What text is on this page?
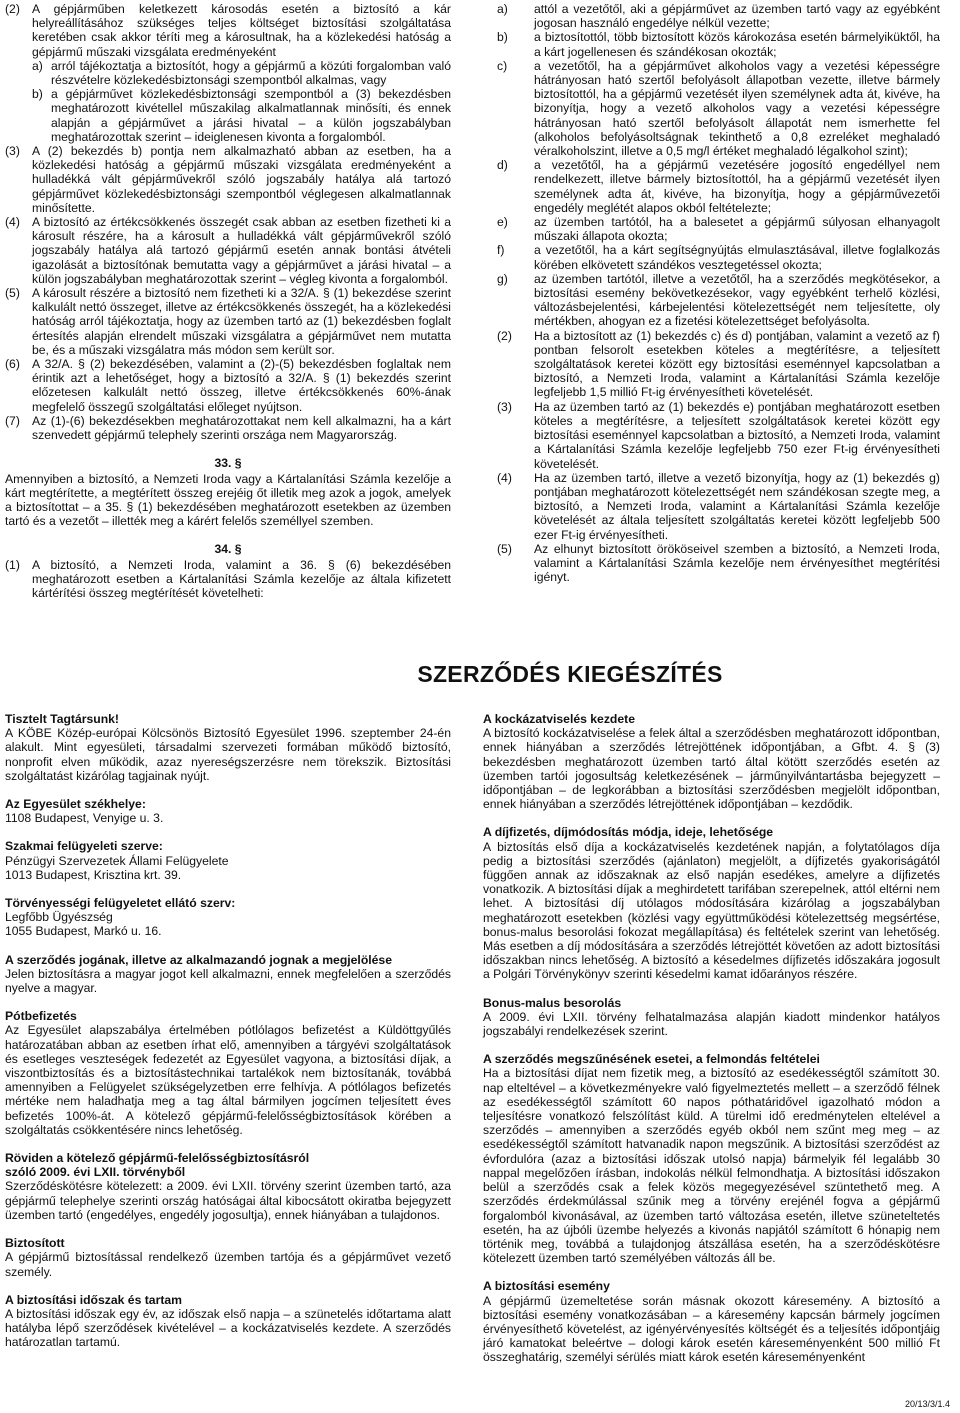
(2) A gépjárműben keletkezett károsodás esetén a biztosító a kár helyreállításához szükséges teljes költséget biztosítási szolgáltatása keretében csak akkor téríti meg a károsultnak, ha a közlekedési hatóság a gépjármű műszaki vizsgálata eredményeként
a) arról tájékoztatja a biztosítót, hogy a gépjármű a közúti forgalomban való részvételre közlekedésbiztonsági szempontból alkalmas, vagy
b) a gépjárművet közlekedésbiztonsági szempontból a (3) bekezdésben meghatározott kivétellel műszakilag alkalmatlannak minősíti, és ennek alapján a gépjárművet a járási hivatal – a külön jogszabályban meghatározottak szerint – ideiglenesen kivonta a forgalomból.
(3) A (2) bekezdés b) pontja nem alkalmazható abban az esetben, ha a közlekedési hatóság a gépjármű műszaki vizsgálata eredményeként a hulladékká vált gépjárművekről szóló jogszabály hatálya alá tartozó gépjárművet közlekedésbiztonsági szempontból véglegesen alkalmatlannak minősítette.
(4) A biztosító az értékcsökkenés összegét csak abban az esetben fizetheti ki a károsult részére, ha a károsult a hulladékká vált gépjárművekről szóló jogszabály hatálya alá tartozó gépjármű esetén annak bontási átvételi igazolását a biztosítónak bemutatta vagy a gépjárművet a járási hivatal – a külön jogszabályban meghatározottak szerint – végleg kivonta a forgalomból.
(5) A károsult részére a biztosító nem fizetheti ki a 32/A. § (1) bekezdése szerint kalkulált nettó összeget, illetve az értékcsökkenés összegét, ha a közlekedési hatóság arról tájékoztatja, hogy az üzemben tartó az (1) bekezdésben foglalt értesítés alapján elrendelt műszaki vizsgálatra a gépjárművet nem mutatta be, és a műszaki vizsgálatra más módon sem került sor.
(6) A 32/A. § (2) bekezdésében, valamint a (2)-(5) bekezdésben foglaltak nem érintik azt a lehetőséget, hogy a biztosító a 32/A. § (1) bekezdés szerint előzetesen kalkulált nettó összeg, illetve értékcsökkenés 60%-ának megfelelő összegű szolgáltatási előleget nyújtson.
(7) Az (1)-(6) bekezdésekben meghatározottakat nem kell alkalmazni, ha a kárt szenvedett gépjármű telephely szerinti országa nem Magyarország.
33. §

Amennyiben a biztosító, a Nemzeti Iroda vagy a Kártalanítási Számla kezelője a kárt megtérítette, a megtérített összeg erejéig őt illetik meg azok a jogok, amelyek a biztosítottat – a 35. § (1) bekezdésében meghatározott esetekben az üzemben tartó és a vezetőt – illették meg a kárért felelős személlyel szemben.

34. §
(1) A biztosító, a Nemzeti Iroda, valamint a 36. § (6) bekezdésében meghatározott esetben a Kártalanítási Számla kezelője az általa kifizetett kártérítési összeg megtérítését követelheti:
a)	attól a vezetőtől, aki a gépjárművet az üzemben tartó vagy az egyébként jogosan használó engedélye nélkül vezette;
b)	a biztosítottól, több biztosított közös károkozása esetén bármelyiküktől, ha a kárt jogellenesen és szándékosan okozták;
c)	a vezetőtől, ha a gépjárművet alkoholos vagy a vezetési képességre hátrányosan ható szertől befolyásolt állapotban vezette, illetve bármely biztosítottól, ha a gépjármű vezetését ilyen személynek adta át, kivéve, ha bizonyítja, hogy a vezető alkoholos vagy a vezetési képességre hátrányosan ható szertől befolyásolt állapotát nem ismerhette fel (alkoholos befolyásoltságnak tekinthető a 0,8 ezreléket meghaladó véralkoholszint, illetve a 0,5 mg/l értéket meghaladó légalkohol szint);
d)	a vezetőtől, ha a gépjármű vezetésére jogosító engedéllyel nem rendelkezett, illetve bármely biztosítottól, ha a gépjármű vezetését ilyen személynek adta át, kivéve, ha bizonyítja, hogy a gépjárművezetői engedély meglétét alapos okból feltételezte;
e)	az üzemben tartótól, ha a balesetet a gépjármű súlyosan elhanyagolt műszaki állapota okozta;
f)	a vezetőtől, ha a kárt segítségnyújtás elmulasztásával, illetve foglalkozás körében elkövetett szándékos vesztegetéssel okozta;
g)	az üzemben tartótól, illetve a vezetőtől, ha a szerződés megkötésekor, a biztosítási esemény bekövetkezésekor, vagy egyébként terhelő közlési, változásbejelentési, kárbejelentési kötelezettségét nem teljesítette, oly mértékben, ahogyan ez a fizetési kötelezettséget befolyásolta.
(2)	Ha a biztosított az (1) bekezdés c) és d) pontjában, valamint a vezető az f) pontban felsorolt esetekben köteles a megtérítésre, a teljesített szolgáltatások keretei között egy biztosítási eseménnyel kapcsolatban a biztosító, a Nemzeti Iroda, valamint a Kártalanítási Számla kezelője legfeljebb 1,5 millió Ft-ig érvényesítheti követelését.
(3)	Ha az üzemben tartó az (1) bekezdés e) pontjában meghatározott esetben köteles a megtérítésre, a teljesített szolgáltatások keretei között egy biztosítási eseménnyel kapcsolatban a biztosító, a Nemzeti Iroda, valamint a Kártalanítási Számla kezelője legfeljebb 750 ezer Ft-ig érvényesítheti követelését.
(4)	Ha az üzemben tartó, illetve a vezető bizonyítja, hogy az (1) bekezdés g) pontjában meghatározott kötelezettségét nem szándékosan szegte meg, a biztosító, a Nemzeti Iroda, valamint a Kártalanítási Számla kezelője követelését az általa teljesített szolgáltatás keretei között legfeljebb 500 ezer Ft-ig érvényesítheti.
(5)	Az elhunyt biztosított örököseivel szemben a biztosító, a Nemzeti Iroda, valamint a Kártalanítási Számla kezelője nem érvényesíthet megtérítési igényt.
SZERZŐDÉS KIEGÉSZÍTÉS

Tisztelt Tagtársunk!

A KÖBE Közép-európai Kölcsönös Biztosító Egyesület 1996. szeptember 24-én alakult. Mint egyesületi, társadalmi szervezeti formában működő biztosító, nonprofit elven működik, azaz nyereségszerzésre nem törekszik. Biztosítási szolgáltatást kizárólag tagjainak nyújt.

Az Egyesület székhelye:

1108 Budapest, Venyige u. 3.

Szakmai felügyeleti szerve:

Pénzügyi Szervezetek Állami Felügyelete

1013 Budapest, Krisztina krt. 39.

Törvényességi felügyeletet ellátó szerv:

Legfőbb Ügyészség

1055 Budapest, Markó u. 16.

A szerződés jogának, illetve az alkalmazandó jognak a megjelölése

Jelen biztosításra a magyar jogot kell alkalmazni, ennek megfelelően a szerződés nyelve a magyar.

Pótbefizetés

Az Egyesület alapszabálya értelmében pótlólagos befizetést a Küldöttgyűlés határozatában abban az esetben írhat elő, amennyiben a tárgyévi szolgáltatások és esetleges veszteségek fedezetét az Egyesület vagyona, a biztosítási díjak, a viszontbiztosítás és a biztosítástechnikai tartalékok nem biztosítanák, továbbá amennyiben a Felügyelet szükségelyzetben erre felhívja. A pótlólagos befizetés mértéke nem haladhatja meg a tag által bármilyen jogcímen teljesített éves befizetés 100%-át. A kötelező gépjármű-felelősségbiztosítások körében a szolgáltatás csökkentésére nincs lehetőség.

Röviden a kötelező gépjármű-felelősségbiztosításról

szóló 2009. évi LXII. törvényből

Szerződéskötésre kötelezett: a 2009. évi LXII. törvény szerint üzemben tartó, aza gépjármű telephelye szerinti ország hatóságai által kibocsátott okiratba bejegyzett üzemben tartó (engedélyes, engedély jogosultja), ennek hiányában a tulajdonos.

Biztosított

A gépjármű biztosítással rendelkező üzemben tartója és a gépjárművet vezető személy.

A biztosítási időszak és tartam

A biztosítási időszak egy év, az időszak első napja – a szünetelés időtartama alatt hatályba lépő szerződések kivételével – a kockázatviselés kezdete. A szerződés határozatlan tartamú.

A kockázatviselés kezdete

A biztosító kockázatviselése a felek által a szerződésben meghatározott időpontban, ennek hiányában a szerződés létrejöttének időpontjában, a Gfbt. 4. § (3) bekezdésben meghatározott üzemben tartó által kötött szerződés esetén az üzemben tartói jogosultság keletkezésének – járműnyilvántartásba bejegyzett – időpontjában – de legkorábban a biztosítási szerződésben megjelölt időpontban, ennek hiányában a szerződés létrejöttének időpontjában – kezdődik.

A díjfizetés, díjmódosítás módja, ideje, lehetősége

A biztosítás első díja a kockázatviselés kezdetének napján, a folytatólagos díja pedig a biztosítási szerződés (ajánlaton) megjelölt, a díjfizetés gyakoriságától függően annak az időszaknak az első napján esedékes, amelyre a díjfizetés vonatkozik. A biztosítási díjak a meghirdetett tarifában szerepelnek, attól eltérni nem lehet. A biztosítási díj utólagos módosítására kizárólag a jogszabályban meghatározott esetekben (közlési vagy együttműködési kötelezettség megsértése, bonus-malus besorolási fokozat megállapítása) és feltételek szerint van lehetőség. Más esetben a díj módosítására a szerződés létrejöttét követően az adott biztosítási időszakban nincs lehetőség. A biztosító a késedelmes díjfizetés időszakára jogosult a Polgári Törvénykönyv szerinti késedelmi kamat időarányos részére.

Bonus-malus besorolás

A 2009. évi LXII. törvény felhatalmazása alapján kiadott mindenkor hatályos jogszabályi rendelkezések szerint.

A szerződés megszűnésének esetei, a felmondás feltételei

Ha a biztosítási díjat nem fizetik meg, a biztosító az esedékességtől számított 30. nap elteltével – a következményekre való figyelmeztetés mellett – a szerződő félnek az esedékességtől számított 60 napos póthatáridővel igazolható módon a teljesítésre vonatkozó felszólítást küld. A türelmi idő eredménytelen eltelével a szerződés – amennyiben a szerződés egyéb okból nem szűnt meg meg – az esedékességtől számított hatvanadik napon megszűnik. A biztosítási szerződést az évfordulóra (azaz a biztosítási időszak utolsó napja) bármelyik fél legalább 30 nappal megelőzően írásban, indokolás nélkül felmondhatja. A biztosítási időszakon belül a szerződés csak a felek közös megegyezésével szüntethető meg. A szerződés érdekmúlással szűnik meg a törvény erejénél fogva a gépjármű forgalomból kivonásával, az üzemben tartó változása esetén, illetve szüneteltetés esetén, ha az újbóli üzembe helyezés a kivonás napjától számított 6 hónapig nem történik meg, továbbá a tulajdonjog átszállása esetén, ha a szerződéskötésre kötelezett üzemben tartó személyében változás áll be.

A biztosítási esemény

A gépjármű üzemeltetése során másnak okozott káresemény. A biztosító a biztosítási esemény vonatkozásában – a káresemény kapcsán bármely jogcímen érvényesíthető követelést, az igényérvényesítés költségét és a teljesítés időpontjáig járó kamatokat beleértve – dologi károk esetén káreseményenként 500 millió Ft összeghatárig, személyi sérülés miatt károk esetén káreseményenként

20/13/3/1.4
